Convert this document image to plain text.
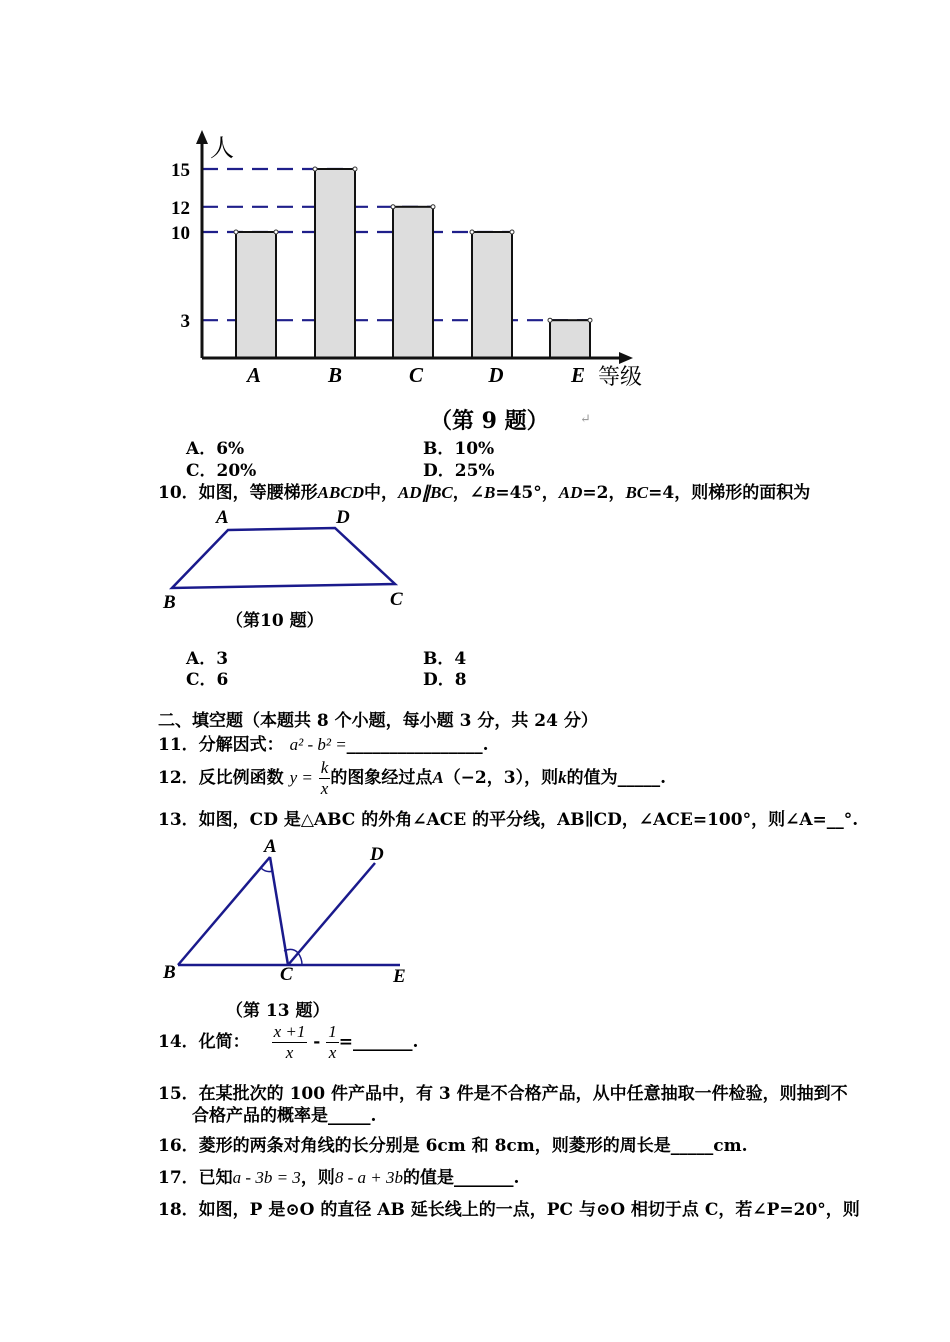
3
10
12
15
A	B	C	D	E
人
等级
（第 9 题） ↵
A．6%	B．10%
C．20%	D．25%
10．如图，等腰梯形ABCD中，AD∥BC，∠B=45°，AD=2，BC=4，则梯形的面积为
A	D
B	C
（第10 题）
A．3	B．4
C．6	D．8
二、填空题（本题共 8 个小题，每小题 3 分，共 24 分）
11．分解因式： a² - b² =________________.
12．反比例函数 $y = \frac{k}{x}$ 的图象经过点A（−2，3），则k的值为_____.
13．如图，CD 是△ABC 的外角∠ACE 的平分线，AB∥CD，∠ACE=100°，则∠A=__°.
A	D
B	C	E
（第 13 题）
14．化简： $\frac{x +1}{x} - \frac{1}{x}$ =_______.
15．在某批次的 100 件产品中，有 3 件是不合格产品，从中任意抽取一件检验，则抽到不
合格产品的概率是_____.
16．菱形的两条对角线的长分别是 6cm 和 8cm，则菱形的周长是_____cm.
17．已知a - 3b = 3，则8 - a + 3b的值是_______.
18．如图，P 是⊙O 的直径 AB 延长线上的一点，PC 与⊙O 相切于点 C，若∠P=20°，则
